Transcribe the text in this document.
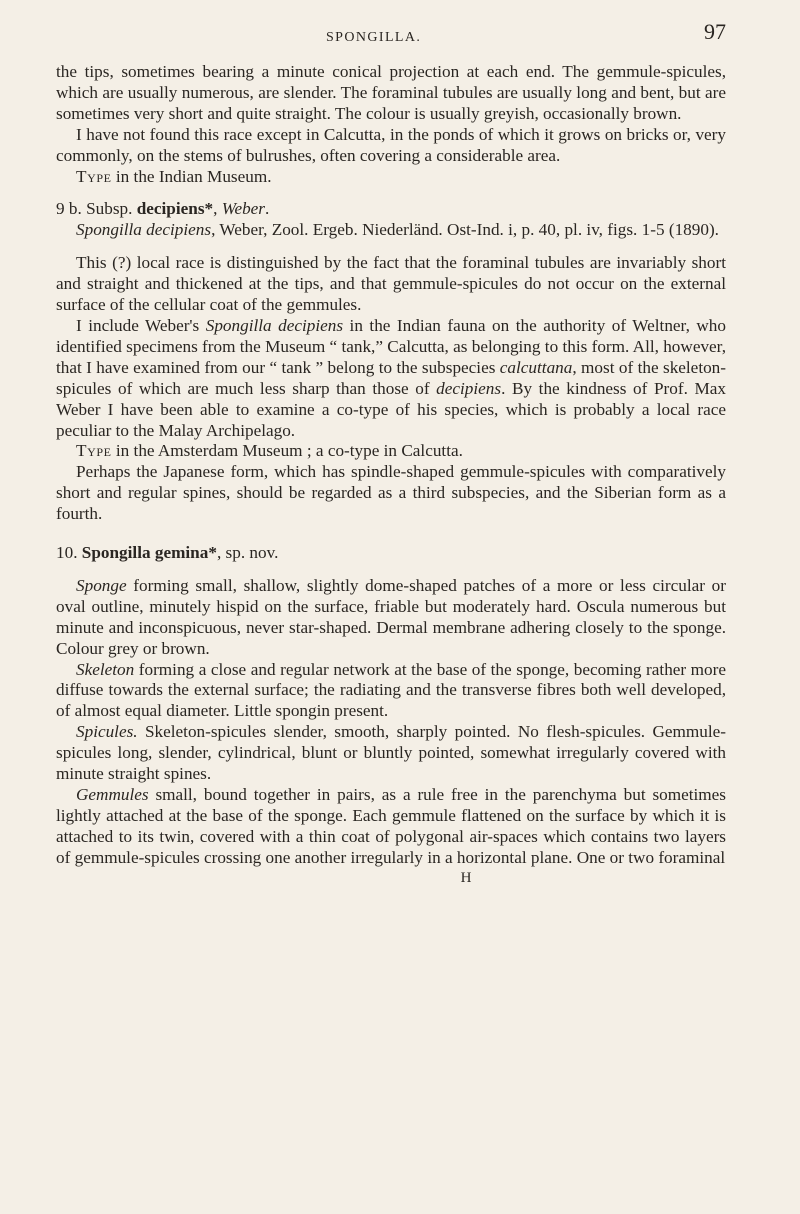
SPONGILLA.	97

the tips, sometimes bearing a minute conical projection at each end. The gemmule-spicules, which are usually numerous, are slender. The foraminal tubules are usually long and bent, but are sometimes very short and quite straight. The colour is usually greyish, occasionally brown.

I have not found this race except in Calcutta, in the ponds of which it grows on bricks or, very commonly, on the stems of bulrushes, often covering a considerable area.

Type in the Indian Museum.

9 b. Subsp. decipiens*, Weber.

Spongilla decipiens, Weber, Zool. Ergeb. Niederländ. Ost-Ind. i, p. 40, pl. iv, figs. 1-5 (1890).

This (?) local race is distinguished by the fact that the foraminal tubules are invariably short and straight and thickened at the tips, and that gemmule-spicules do not occur on the external surface of the cellular coat of the gemmules.

I include Weber's Spongilla decipiens in the Indian fauna on the authority of Weltner, who identified specimens from the Museum “ tank,” Calcutta, as belonging to this form. All, however, that I have examined from our “ tank ” belong to the subspecies calcuttana, most of the skeleton-spicules of which are much less sharp than those of decipiens. By the kindness of Prof. Max Weber I have been able to examine a co-type of his species, which is probably a local race peculiar to the Malay Archipelago.

Type in the Amsterdam Museum ; a co-type in Calcutta.

Perhaps the Japanese form, which has spindle-shaped gemmule-spicules with comparatively short and regular spines, should be regarded as a third subspecies, and the Siberian form as a fourth.

10. Spongilla gemina*, sp. nov.

Sponge forming small, shallow, slightly dome-shaped patches of a more or less circular or oval outline, minutely hispid on the surface, friable but moderately hard. Oscula numerous but minute and inconspicuous, never star-shaped. Dermal membrane adhering closely to the sponge. Colour grey or brown.

Skeleton forming a close and regular network at the base of the sponge, becoming rather more diffuse towards the external surface; the radiating and the transverse fibres both well developed, of almost equal diameter. Little spongin present.

Spicules. Skeleton-spicules slender, smooth, sharply pointed. No flesh-spicules. Gemmule-spicules long, slender, cylindrical, blunt or bluntly pointed, somewhat irregularly covered with minute straight spines.

Gemmules small, bound together in pairs, as a rule free in the parenchyma but sometimes lightly attached at the base of the sponge. Each gemmule flattened on the surface by which it is attached to its twin, covered with a thin coat of polygonal air-spaces which contains two layers of gemmule-spicules crossing one another irregularly in a horizontal plane. One or two foraminal

H
